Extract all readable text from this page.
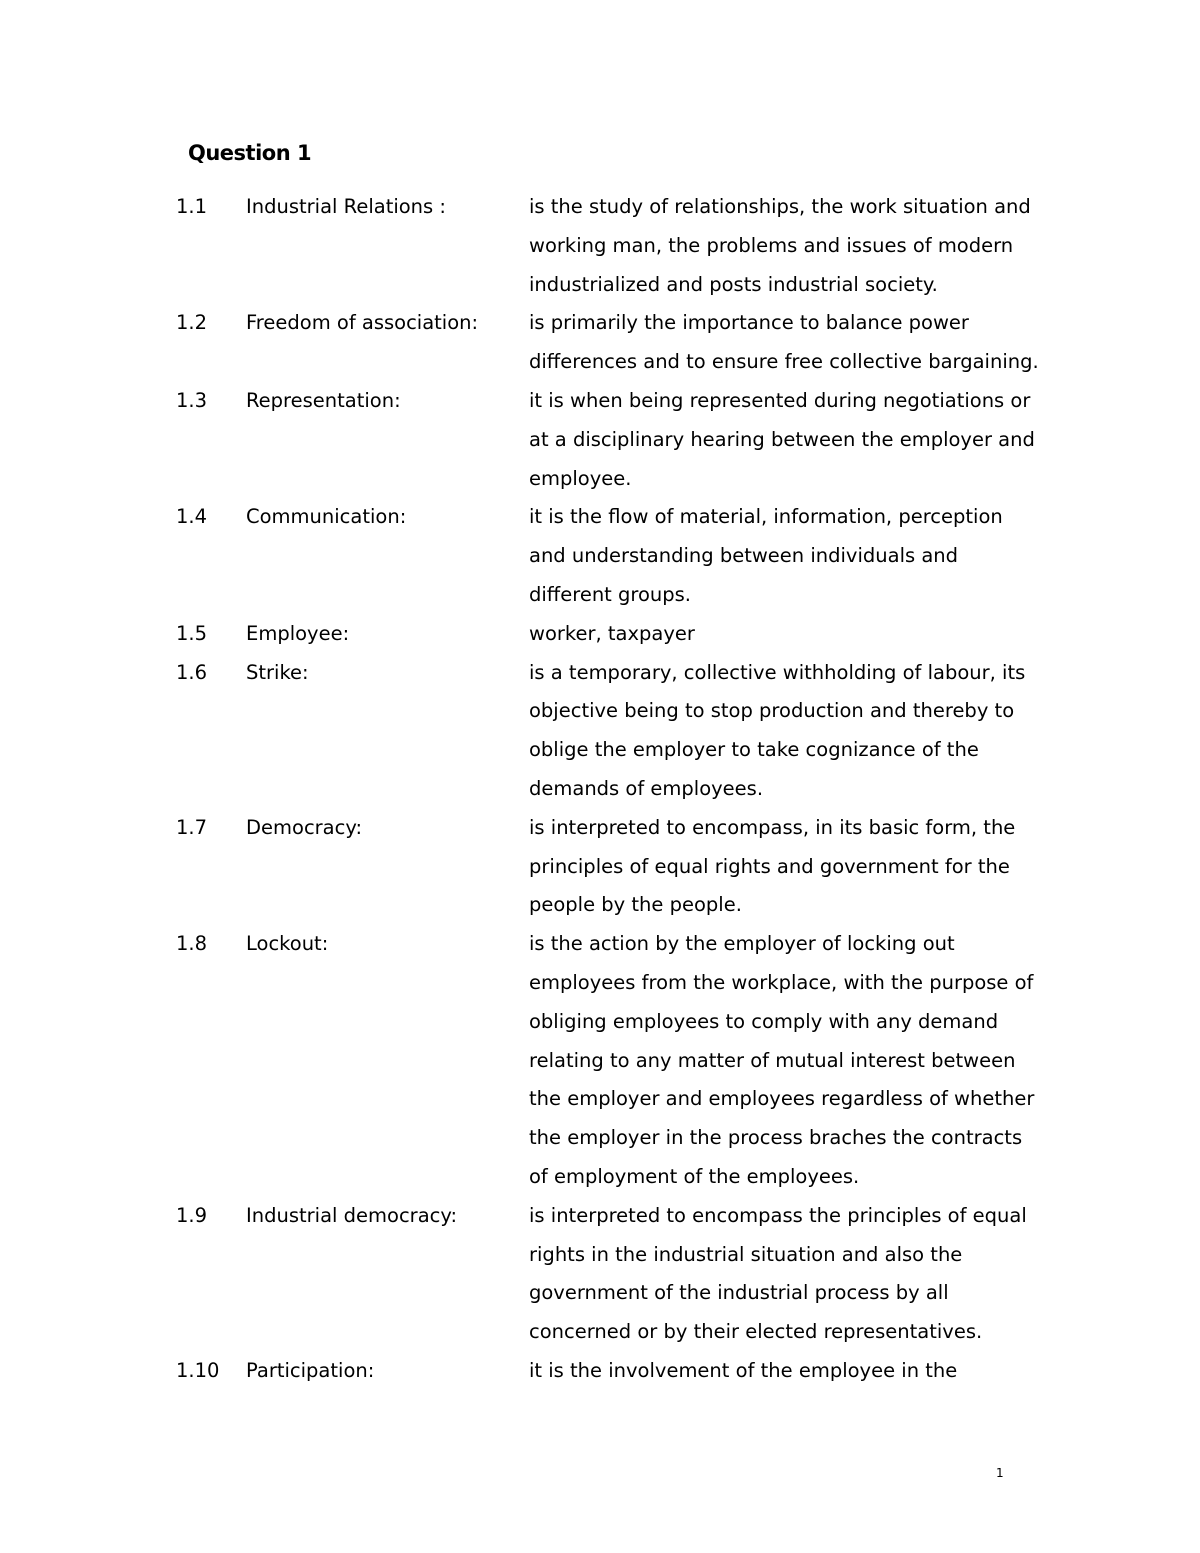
Question 1
1.1	Industrial Relations :	is the study of relationships, the work situation and
working man, the problems and issues of modern
industrialized and posts industrial society.
1.2	Freedom of association:	is primarily the importance to balance power
differences and to ensure free collective bargaining.
1.3	Representation:	it is when being represented during negotiations or
at a disciplinary hearing between the employer and
employee.
1.4	Communication:	it is the flow of material, information, perception
and understanding between individuals and
different groups.
1.5	Employee:	worker, taxpayer
1.6	Strike:	is a temporary, collective withholding of labour, its
objective being to stop production and thereby to
oblige the employer to take cognizance of the
demands of employees.
1.7	Democracy:	is interpreted to encompass, in its basic form, the
principles of equal rights and government for the
people by the people.
1.8	Lockout:	is the action by the employer of locking out
employees from the workplace, with the purpose of
obliging employees to comply with any demand
relating to any matter of mutual interest between
the employer and employees regardless of whether
the employer in the process braches the contracts
of employment of the employees.
1.9	Industrial democracy:	is interpreted to encompass the principles of equal
rights in the industrial situation and also the
government of the industrial process by all
concerned or by their elected representatives.
1.10	Participation:	it is the involvement of the employee in the
1
